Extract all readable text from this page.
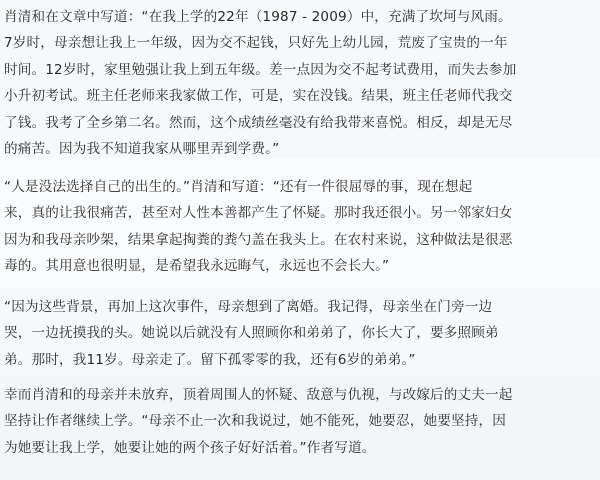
肖清和在文章中写道：“在我上学的22年（1987 - 2009）中，充满了坎坷与风雨。
7岁时，母亲想让我上一年级，因为交不起钱，只好先上幼儿园，荒废了宝贵的一年
时间。12岁时，家里勉强让我上到五年级。差一点因为交不起考试费用，而失去参加
小升初考试。班主任老师来我家做工作，可是，实在没钱。结果，班主任老师代我交
了钱。我考了全乡第二名。然而，这个成绩丝毫没有给我带来喜悦。相反，却是无尽
的痛苦。因为我不知道我家从哪里弄到学费。”

“人是没法选择自己的出生的。”肖清和写道：“还有一件很屈辱的事，现在想起
来，真的让我很痛苦，甚至对人性本善都产生了怀疑。那时我还很小。另一邻家妇女
因为和我母亲吵架，结果拿起掏粪的粪勺盖在我头上。在农村来说，这种做法是很恶
毒的。其用意也很明显，是希望我永远晦气，永远也不会长大。”

“因为这些背景，再加上这次事件，母亲想到了离婚。我记得，母亲坐在门旁一边
哭，一边抚摸我的头。她说以后就没有人照顾你和弟弟了，你长大了，要多照顾弟
弟。那时，我11岁。母亲走了。留下孤零零的我，还有6岁的弟弟。”

幸而肖清和的母亲并未放弃，顶着周围人的怀疑、敌意与仇视，与改嫁后的丈夫一起
坚持让作者继续上学。“母亲不止一次和我说过，她不能死，她要忍，她要坚持，因
为她要让我上学，她要让她的两个孩子好好活着。”作者写道。
